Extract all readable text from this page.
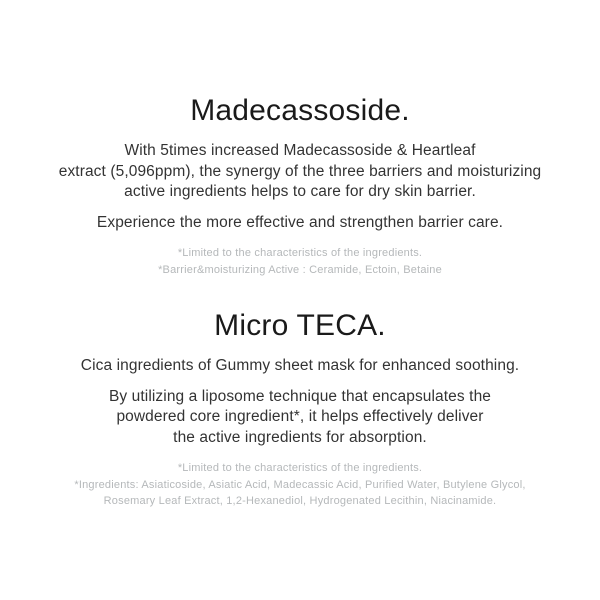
Madecassoside.

With 5times increased Madecassoside & Heartleaf
extract (5,096ppm), the synergy of the three barriers and moisturizing
active ingredients helps to care for dry skin barrier.

Experience the more effective and strengthen barrier care.

*Limited to the characteristics of the ingredients.
*Barrier&moisturizing Active : Ceramide, Ectoin, Betaine

Micro TECA.

Cica ingredients of Gummy sheet mask for enhanced soothing.

By utilizing a liposome technique that encapsulates the
powdered core ingredient*, it helps effectively deliver
the active ingredients for absorption.

*Limited to the characteristics of the ingredients.
*Ingredients: Asiaticoside, Asiatic Acid, Madecassic Acid, Purified Water, Butylene Glycol,
Rosemary Leaf Extract, 1,2-Hexanediol, Hydrogenated Lecithin, Niacinamide.
